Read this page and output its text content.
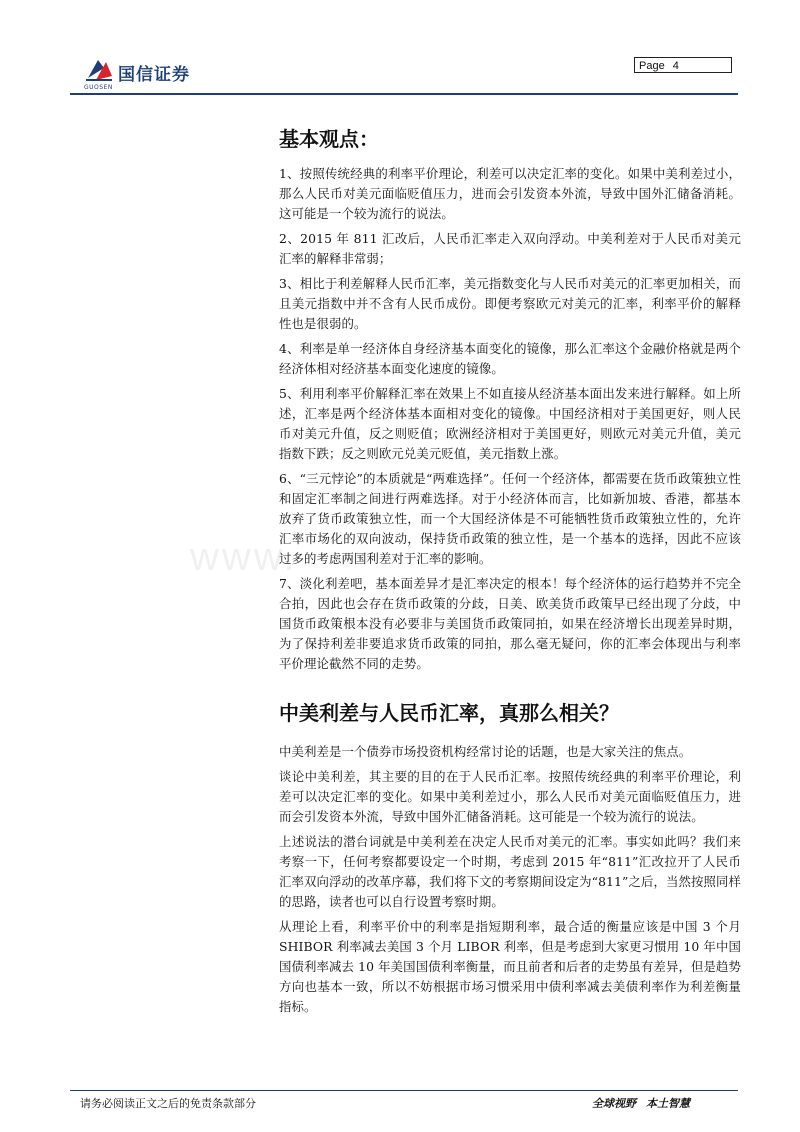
国信证券
GUOSEN
Page 4
www.
基本观点：

1、按照传统经典的利率平价理论，利差可以决定汇率的变化。如果中美利差过小，那么人民币对美元面临贬值压力，进而会引发资本外流，导致中国外汇储备消耗。这可能是一个较为流行的说法。

2、2015 年 811 汇改后，人民币汇率走入双向浮动。中美利差对于人民币对美元汇率的解释非常弱；

3、相比于利差解释人民币汇率，美元指数变化与人民币对美元的汇率更加相关，而且美元指数中并不含有人民币成份。即便考察欧元对美元的汇率，利率平价的解释性也是很弱的。

4、利率是单一经济体自身经济基本面变化的镜像，那么汇率这个金融价格就是两个经济体相对经济基本面变化速度的镜像。

5、利用利率平价解释汇率在效果上不如直接从经济基本面出发来进行解释。如上所述，汇率是两个经济体基本面相对变化的镜像。中国经济相对于美国更好，则人民币对美元升值，反之则贬值；欧洲经济相对于美国更好，则欧元对美元升值，美元指数下跌；反之则欧元兑美元贬值，美元指数上涨。

6、“三元悖论”的本质就是“两难选择”。任何一个经济体，都需要在货币政策独立性和固定汇率制之间进行两难选择。对于小经济体而言，比如新加坡、香港，都基本放弃了货币政策独立性，而一个大国经济体是不可能牺牲货币政策独立性的，允许汇率市场化的双向波动，保持货币政策的独立性，是一个基本的选择，因此不应该过多的考虑两国利差对于汇率的影响。

7、淡化利差吧，基本面差异才是汇率决定的根本！每个经济体的运行趋势并不完全合拍，因此也会存在货币政策的分歧，日美、欧美货币政策早已经出现了分歧，中国货币政策根本没有必要非与美国货币政策同拍，如果在经济增长出现差异时期，为了保持利差非要追求货币政策的同拍，那么毫无疑问，你的汇率会体现出与利率平价理论截然不同的走势。

中美利差与人民币汇率，真那么相关？

中美利差是一个债券市场投资机构经常讨论的话题，也是大家关注的焦点。

谈论中美利差，其主要的目的在于人民币汇率。按照传统经典的利率平价理论，利差可以决定汇率的变化。如果中美利差过小，那么人民币对美元面临贬值压力，进而会引发资本外流，导致中国外汇储备消耗。这可能是一个较为流行的说法。

上述说法的潜台词就是中美利差在决定人民币对美元的汇率。事实如此吗？我们来考察一下，任何考察都要设定一个时期，考虑到 2015 年“811”汇改拉开了人民币汇率双向浮动的改革序幕，我们将下文的考察期间设定为“811”之后，当然按照同样的思路，读者也可以自行设置考察时期。

从理论上看，利率平价中的利率是指短期利率，最合适的衡量应该是中国 3 个月 SHIBOR 利率减去美国 3 个月 LIBOR 利率，但是考虑到大家更习惯用 10 年中国国债利率减去 10 年美国国债利率衡量，而且前者和后者的走势虽有差异，但是趋势方向也基本一致，所以不妨根据市场习惯采用中债利率减去美债利率作为利差衡量指标。

请务必阅读正文之后的免责条款部分	全球视野 本土智慧
